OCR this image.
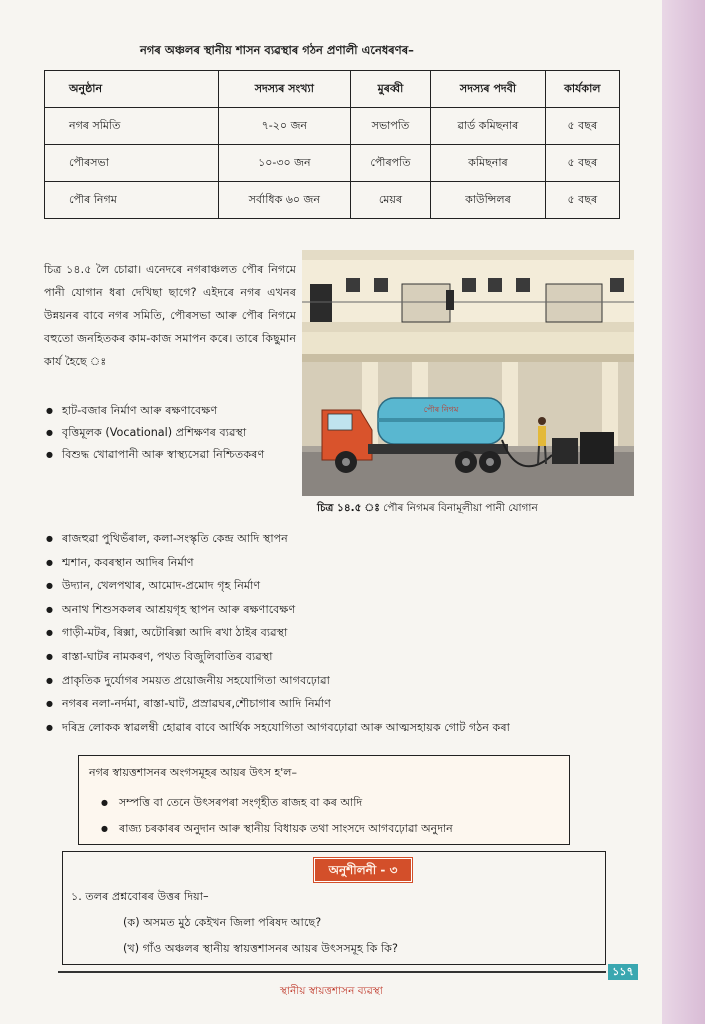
নগৰ অঞ্চলৰ স্থানীয় শাসন ব্যৱস্থাৰ গঠন প্ৰণালী এনেধৰণৰ–
অনুষ্ঠান	সদস্যৰ সংখ্যা	মুৰব্বী	সদস্যৰ পদবী	কাৰ্যকাল
নগৰ সমিতি	৭-২০ জন	সভাপতি	ৱাৰ্ড কমিছনাৰ	৫ বছৰ
পৌৰসভা	১০-৩০ জন	পৌৰপতি	কমিছনাৰ	৫ বছৰ
পৌৰ নিগম	সৰ্বাধিক ৬০ জন	মেয়ৰ	কাউন্সিলৰ	৫ বছৰ
চিত্ৰ ১৪.৫ লৈ চোৱা। এনেদৰে নগৰাঞ্চলত পৌৰ নিগমে পানী যোগান ধৰা দেখিছা ছাগে? এইদৰে নগৰ এখনৰ উন্নয়নৰ বাবে নগৰ সমিতি, পৌৰসভা আৰু পৌৰ নিগমে বহুতো জনহিতকৰ কাম-কাজ সমাপন কৰে। তাৰে কিছুমান কাৰ্য হৈছে ঃ
● হাট-বজাৰ নিৰ্মাণ আৰু ৰক্ষণাবেক্ষণ
● বৃত্তিমূলক (Vocational) প্ৰশিক্ষণৰ ব্যৱস্থা
● বিশুদ্ধ খোৱাপানী আৰু স্বাস্থ্যসেৱা নিশ্চিতকৰণ
পৌৰ নিগম
চিত্ৰ ১৪.৫ ঃ পৌৰ নিগমৰ বিনামূলীয়া পানী যোগান
● ৰাজহুৱা পুথিভঁৰাল, কলা-সংস্কৃতি কেন্দ্ৰ আদি স্থাপন
● শ্মশান, কবৰস্থান আদিৰ নিৰ্মাণ
● উদ্যান, খেলপথাৰ, আমোদ-প্ৰমোদ গৃহ নিৰ্মাণ
● অনাথ শিশুসকলৰ আশ্ৰয়গৃহ স্থাপন আৰু ৰক্ষণাবেক্ষণ
● গাড়ী-মটৰ, ৰিক্সা, অটোৰিক্সা আদি ৰখা ঠাইৰ ব্যৱস্থা
● ৰাস্তা-ঘাটৰ নামকৰণ, পথত বিজুলিবাতিৰ ব্যৱস্থা
● প্ৰাকৃতিক দুৰ্যোগৰ সময়ত প্ৰয়োজনীয় সহযোগিতা আগবঢ়োৱা
● নগৰৰ নলা-নৰ্দমা, ৰাস্তা-ঘাট, প্ৰস্ৰাৱঘৰ,শৌচাগাৰ আদি নিৰ্মাণ
● দৰিদ্ৰ লোকক স্বাৱলম্বী হোৱাৰ বাবে আৰ্থিক সহযোগিতা আগবঢ়োৱা আৰু আত্মসহায়ক গোট গঠন কৰা
নগৰ স্বায়ত্তশাসনৰ অংগসমূহৰ আয়ৰ উৎস হ'ল–
● সম্পত্তি বা তেনে উৎসৰপৰা সংগৃহীত ৰাজহ বা কৰ আদি
● ৰাজ্য চৰকাৰৰ অনুদান আৰু স্থানীয় বিধায়ক তথা সাংসদে আগবঢ়োৱা অনুদান
অনুশীলনী - ৩
১. তলৰ প্ৰশ্নবোৰৰ উত্তৰ দিয়া–
(ক) অসমত মুঠ কেইখন জিলা পৰিষদ আছে?
(খ) গাঁও অঞ্চলৰ স্থানীয় স্বায়ত্তশাসনৰ আয়ৰ উৎসসমূহ কি কি?
১১৭
স্থানীয় স্বায়ত্তশাসন ব্যৱস্থা
